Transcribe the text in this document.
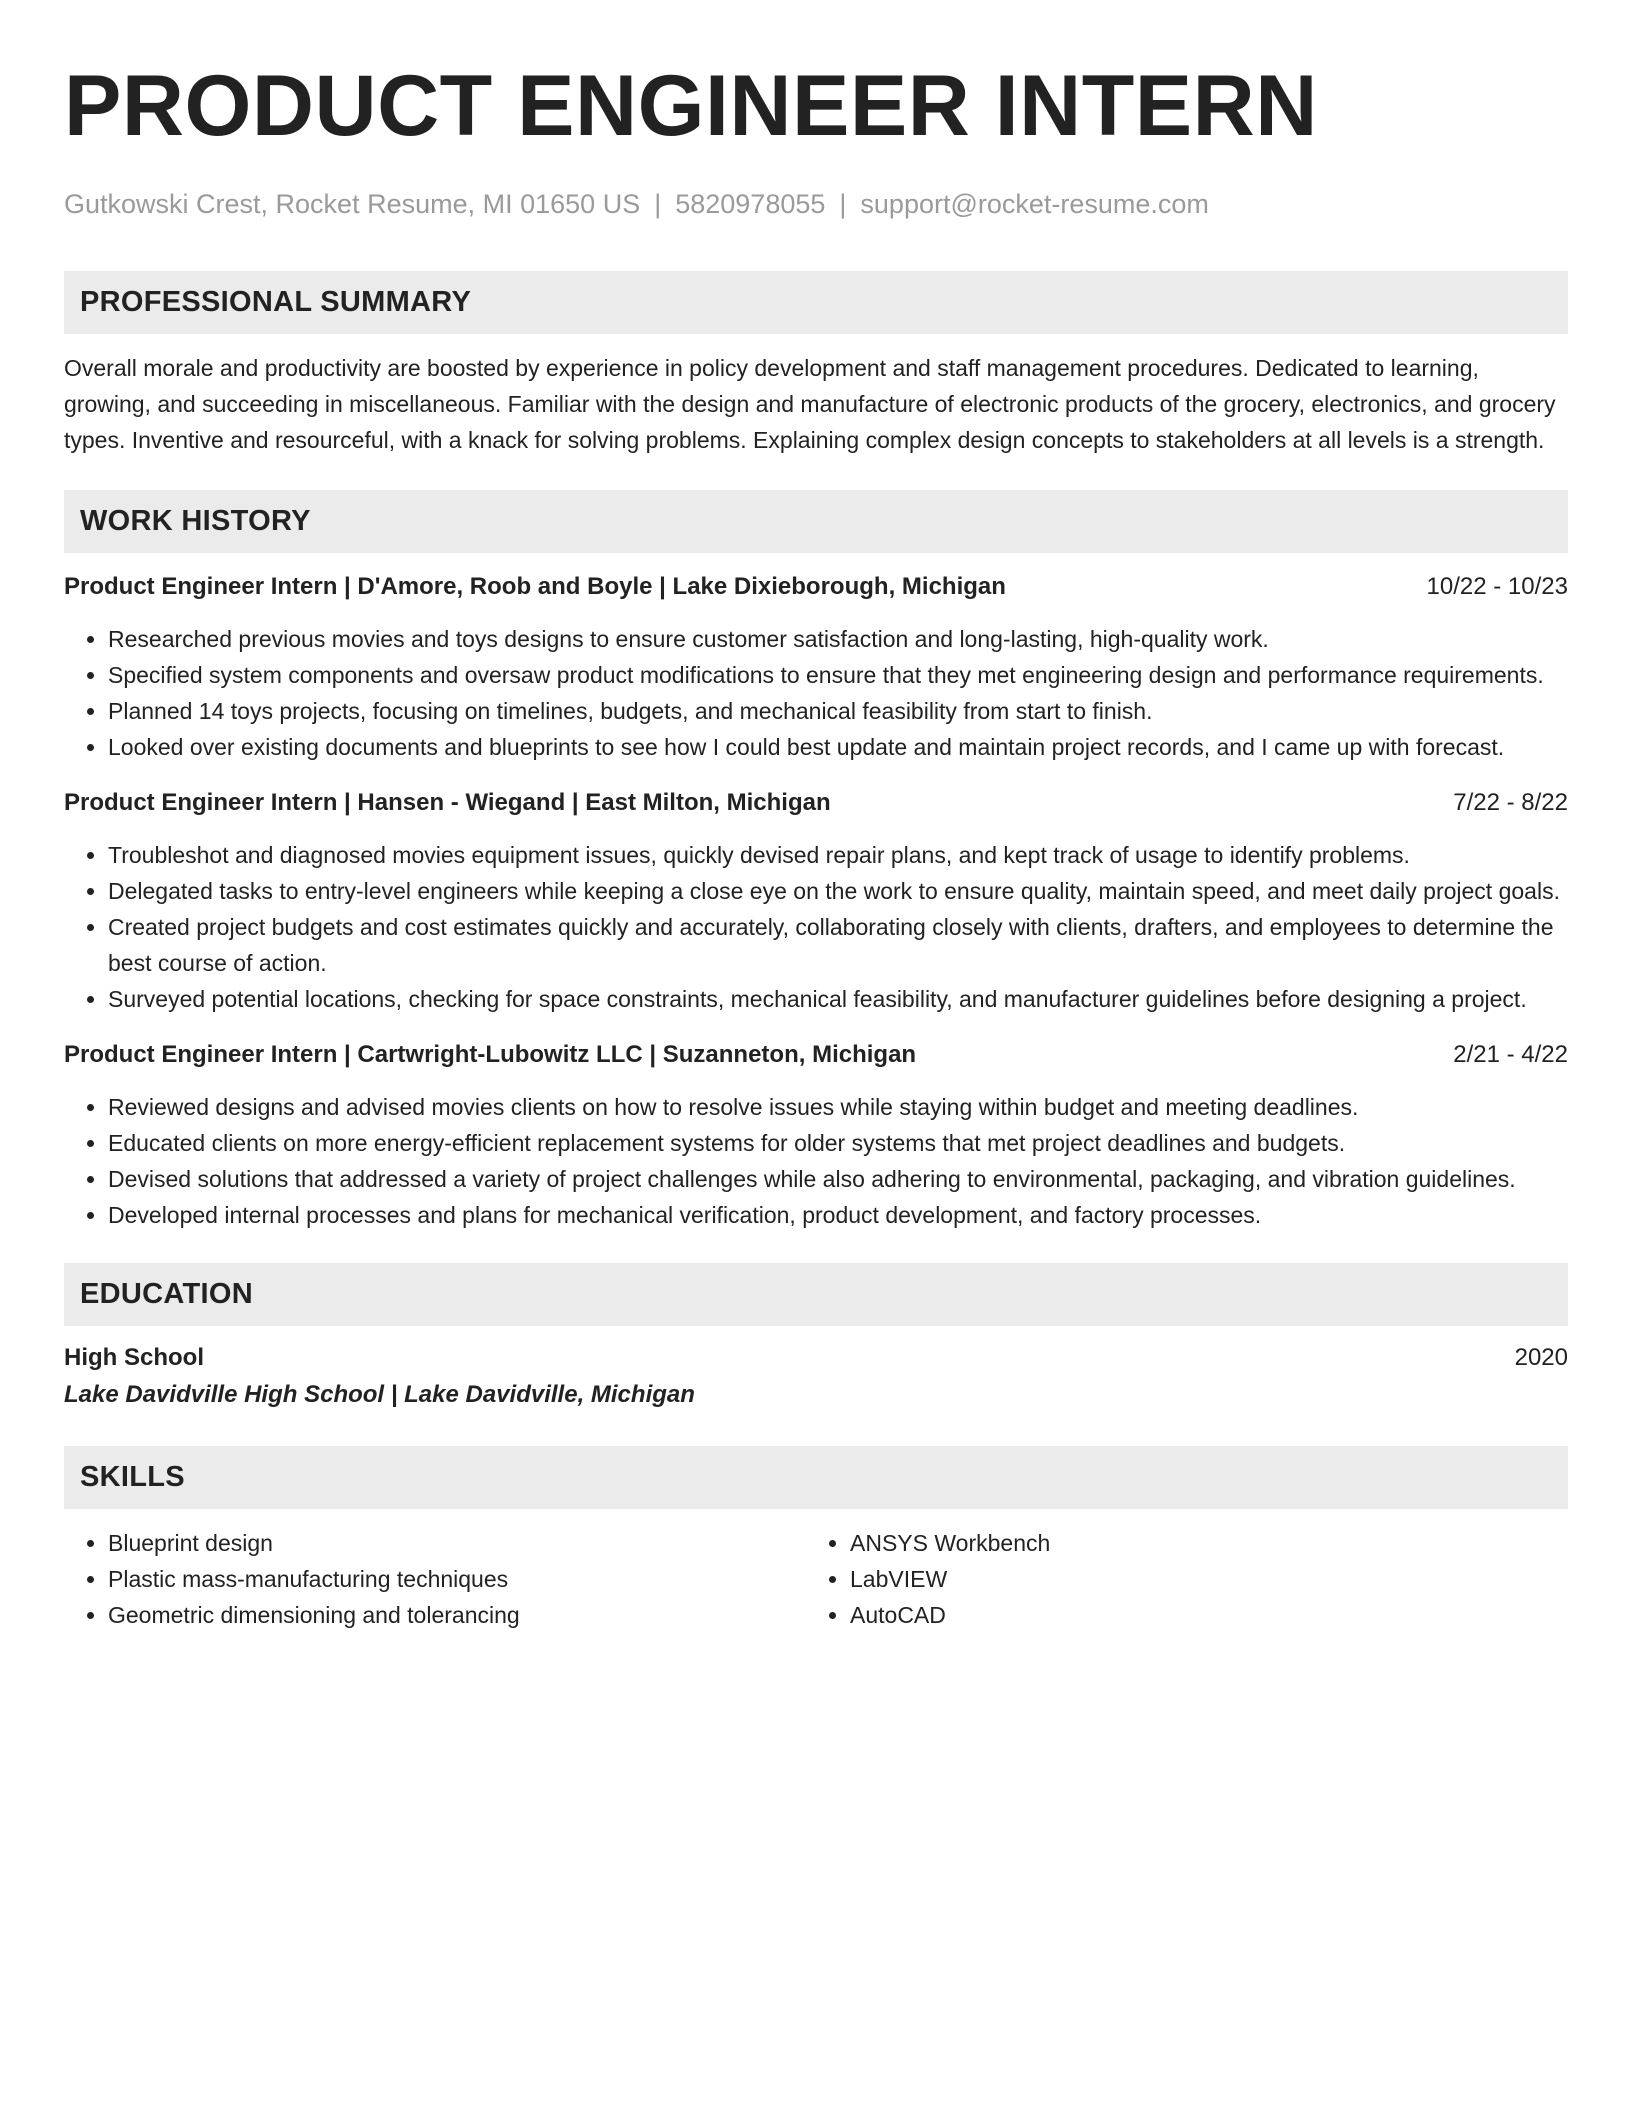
PRODUCT ENGINEER INTERN
Gutkowski Crest, Rocket Resume, MI 01650 US | 5820978055 | support@rocket-resume.com
PROFESSIONAL SUMMARY
Overall morale and productivity are boosted by experience in policy development and staff management procedures. Dedicated to learning, growing, and succeeding in miscellaneous. Familiar with the design and manufacture of electronic products of the grocery, electronics, and grocery types. Inventive and resourceful, with a knack for solving problems. Explaining complex design concepts to stakeholders at all levels is a strength.
WORK HISTORY
Product Engineer Intern | D'Amore, Roob and Boyle | Lake Dixieborough, Michigan	10/22 - 10/23
• Researched previous movies and toys designs to ensure customer satisfaction and long-lasting, high-quality work.
• Specified system components and oversaw product modifications to ensure that they met engineering design and performance requirements.
• Planned 14 toys projects, focusing on timelines, budgets, and mechanical feasibility from start to finish.
• Looked over existing documents and blueprints to see how I could best update and maintain project records, and I came up with forecast.
Product Engineer Intern | Hansen - Wiegand | East Milton, Michigan	7/22 - 8/22
• Troubleshot and diagnosed movies equipment issues, quickly devised repair plans, and kept track of usage to identify problems.
• Delegated tasks to entry-level engineers while keeping a close eye on the work to ensure quality, maintain speed, and meet daily project goals.
• Created project budgets and cost estimates quickly and accurately, collaborating closely with clients, drafters, and employees to determine the best course of action.
• Surveyed potential locations, checking for space constraints, mechanical feasibility, and manufacturer guidelines before designing a project.
Product Engineer Intern | Cartwright-Lubowitz LLC | Suzanneton, Michigan	2/21 - 4/22
• Reviewed designs and advised movies clients on how to resolve issues while staying within budget and meeting deadlines.
• Educated clients on more energy-efficient replacement systems for older systems that met project deadlines and budgets.
• Devised solutions that addressed a variety of project challenges while also adhering to environmental, packaging, and vibration guidelines.
• Developed internal processes and plans for mechanical verification, product development, and factory processes.
EDUCATION
High School	2020
Lake Davidville High School | Lake Davidville, Michigan
SKILLS
• Blueprint design
• Plastic mass-manufacturing techniques
• Geometric dimensioning and tolerancing
• ANSYS Workbench
• LabVIEW
• AutoCAD
